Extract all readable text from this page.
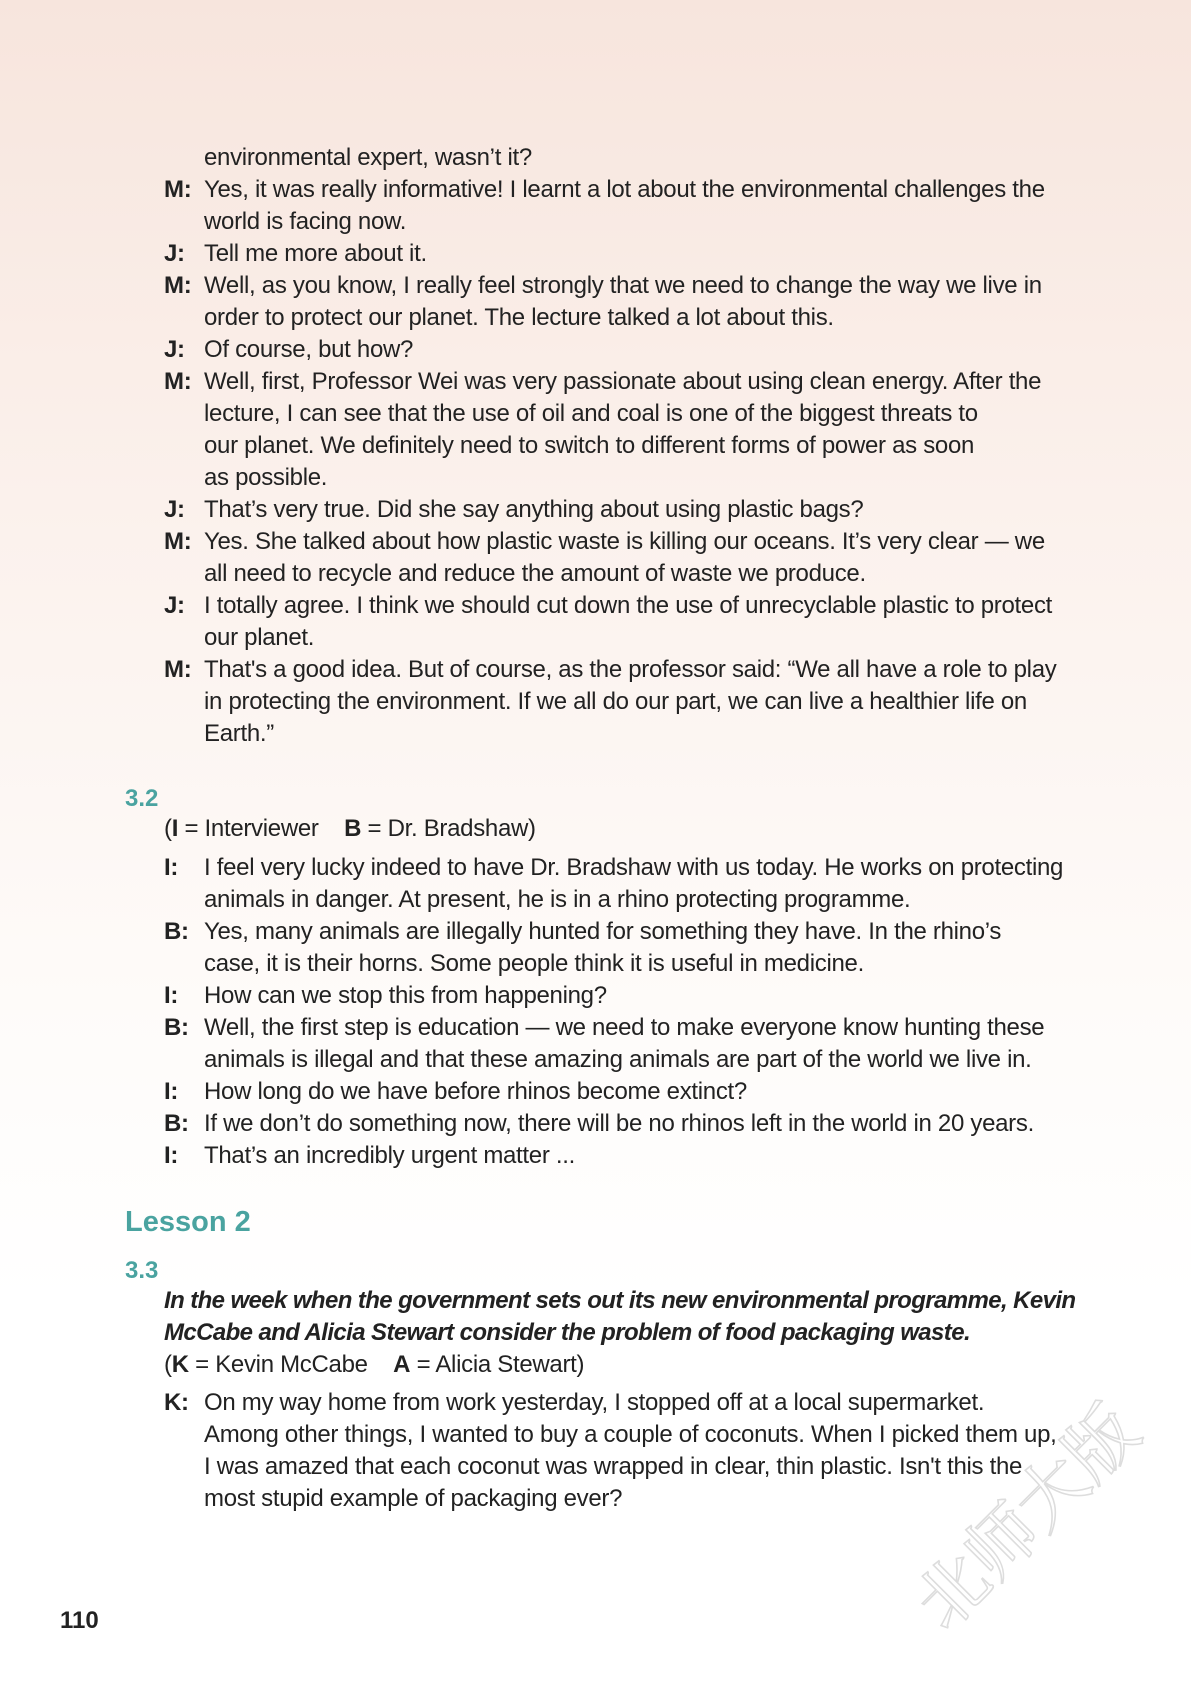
environmental expert, wasn’t it?
M: Yes, it was really informative! I learnt a lot about the environmental challenges the
world is facing now.
J: Tell me more about it.
M: Well, as you know, I really feel strongly that we need to change the way we live in
order to protect our planet. The lecture talked a lot about this.
J: Of course, but how?
M: Well, first, Professor Wei was very passionate about using clean energy. After the
lecture, I can see that the use of oil and coal is one of the biggest threats to
our planet. We definitely need to switch to different forms of power as soon
as possible.
J: That’s very true. Did she say anything about using plastic bags?
M: Yes. She talked about how plastic waste is killing our oceans. It’s very clear — we
all need to recycle and reduce the amount of waste we produce.
J: I totally agree. I think we should cut down the use of unrecyclable plastic to protect
our planet.
M: That's a good idea. But of course, as the professor said: “We all have a role to play
in protecting the environment. If we all do our part, we can live a healthier life on
Earth.”
3.2
(I = Interviewer B = Dr. Bradshaw)
I:	I feel very lucky indeed to have Dr. Bradshaw with us today. He works on protecting
animals in danger. At present, he is in a rhino protecting programme.
B: Yes, many animals are illegally hunted for something they have. In the rhino’s
case, it is their horns. Some people think it is useful in medicine.
I:	How can we stop this from happening?
B: Well, the first step is education — we need to make everyone know hunting these
animals is illegal and that these amazing animals are part of the world we live in.
I:	How long do we have before rhinos become extinct?
B: If we don’t do something now, there will be no rhinos left in the world in 20 years.
I:	That’s an incredibly urgent matter ...
Lesson 2
3.3
In the week when the government sets out its new environmental programme, Kevin
McCabe and Alicia Stewart consider the problem of food packaging waste.
(K = Kevin McCabe A = Alicia Stewart)
K: On my way home from work yesterday, I stopped off at a local supermarket.
Among other things, I wanted to buy a couple of coconuts. When I picked them up,
I was amazed that each coconut was wrapped in clear, thin plastic. Isn't this the
most stupid example of packaging ever?
110	北师大版
